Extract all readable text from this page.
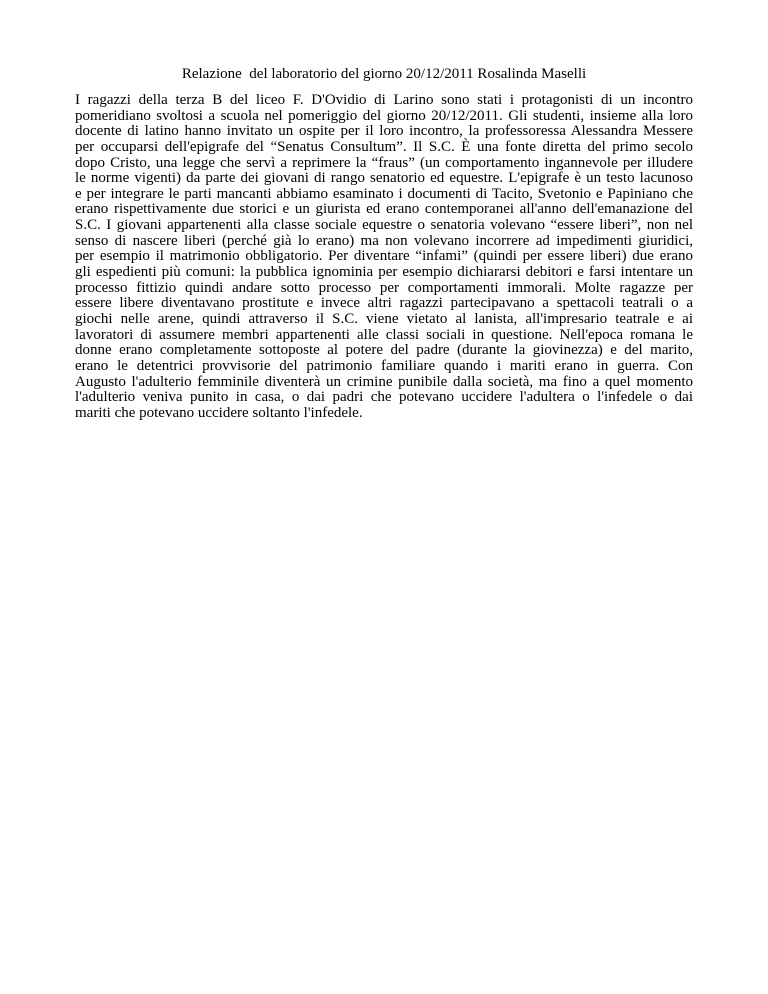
Relazione  del laboratorio del giorno 20/12/2011 Rosalinda Maselli
I ragazzi della terza B del liceo F. D'Ovidio di Larino sono stati i protagonisti di un incontro
pomeridiano svoltosi a scuola nel pomeriggio del giorno 20/12/2011. Gli studenti, insieme alla loro
docente di latino hanno invitato un ospite per il loro incontro, la professoressa Alessandra Messere
per occuparsi dell'epigrafe del “Senatus Consultum”. Il S.C. È una fonte diretta del primo secolo
dopo Cristo, una legge che servì a reprimere la “fraus” (un comportamento ingannevole per illudere
le norme vigenti) da parte dei giovani di rango senatorio ed equestre. L'epigrafe è un testo lacunoso
e per integrare le parti mancanti abbiamo esaminato i documenti di Tacito, Svetonio e Papiniano che
erano rispettivamente due storici e un giurista ed erano contemporanei all'anno dell'emanazione del
S.C. I giovani appartenenti alla classe sociale equestre o senatoria volevano “essere liberi”, non nel
senso di nascere liberi (perché già lo erano) ma non volevano incorrere ad impedimenti giuridici,
per esempio il matrimonio obbligatorio. Per diventare “infami” (quindi per essere liberi) due erano
gli espedienti più comuni: la pubblica ignominia per esempio dichiararsi debitori e farsi intentare un
processo fittizio quindi andare sotto processo per comportamenti immorali. Molte ragazze per
essere libere diventavano prostitute e invece altri ragazzi partecipavano a spettacoli teatrali o a
giochi nelle arene, quindi attraverso il S.C. viene vietato al lanista, all'impresario teatrale e ai
lavoratori di assumere membri appartenenti alle classi sociali in questione. Nell'epoca romana le
donne erano completamente sottoposte al potere del padre (durante la giovinezza) e del marito,
erano le detentrici provvisorie del patrimonio familiare quando i mariti erano in guerra. Con
Augusto l'adulterio femminile diventerà un crimine punibile dalla società, ma fino a quel momento
l'adulterio veniva punito in casa, o dai padri che potevano uccidere l'adultera o l'infedele o dai
mariti che potevano uccidere soltanto l'infedele.
